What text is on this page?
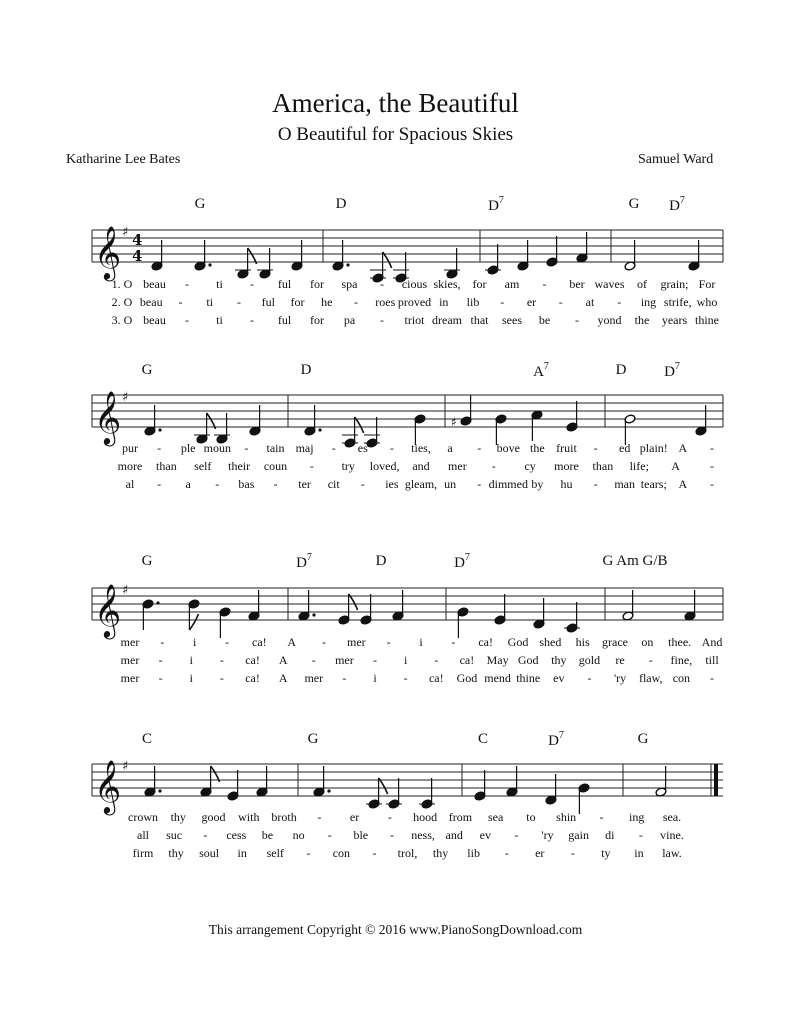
America, the Beautiful
O Beautiful for Spacious Skies
Katharine Lee Bates	Samuel Ward
𝄞 ♯
𝄞 ♯
𝄞 ♯
𝄞 ♯
4
4
♯
G	D	$D^7$	G $D^7$
1. O beau - ti - ful for spa - cious skies, for am - ber waves of grain; For
2. O beau - ti - ful for he - roes proved in lib - er - at - ing strife, who
3. O beau - ti - ful for pa - triot dream that sees be - yond the years thine
G	D	$A^7$	D	$D^7$
pur - ple moun - tain maj - es - ties, a - bove the fruit - ed plain! A -
more than self their coun - try loved, and mer - cy more than life; A	-
al - a - bas - ter cit - ies gleam, un - dimmed by hu - man tears; A -
G	$D^7$	D	$D^7$	G Am G/B
mer - i - ca! A - mer - i - ca! God shed his grace on thee. And
mer - i - ca! A - mer - i - ca! May God thy gold re - fine, till
mer - i - ca! A mer - i - ca! God mend thine ev - 'ry flaw, con -
C	G	C	$D^7$	G
crown thy good with broth - er - hood from sea to shin - ing sea.
all suc - cess be no - ble - ness, and ev - 'ry gain di - vine.
firm thy soul in self - con - trol, thy lib - er - ty in law.
This arrangement Copyright © 2016 www.PianoSongDownload.com
